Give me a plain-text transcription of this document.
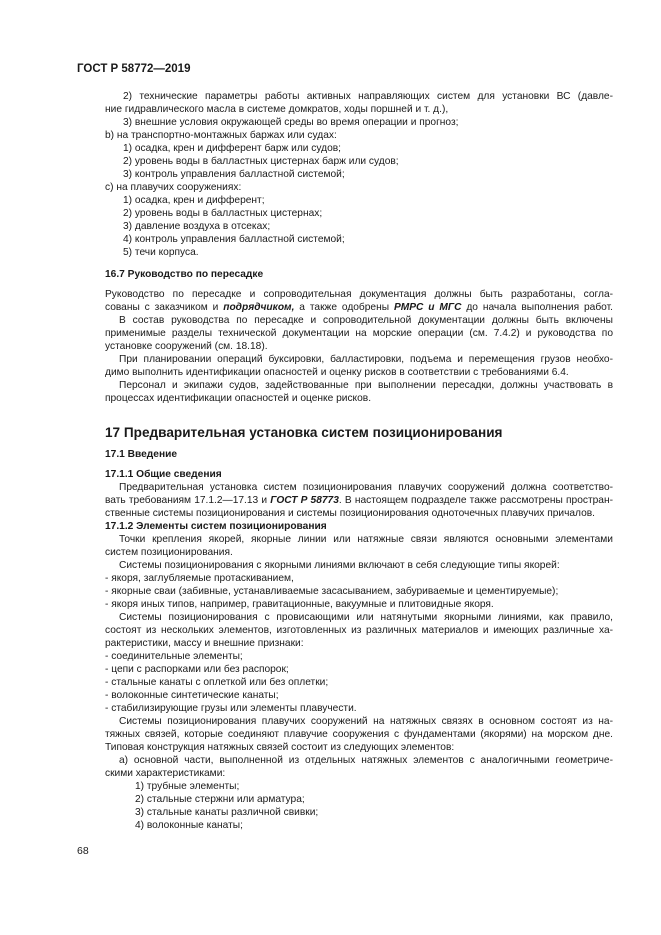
ГОСТ Р 58772—2019
2) технические параметры работы активных направляющих систем для установки ВС (давле-
ние гидравлического масла в системе домкратов, ходы поршней и т. д.),
3) внешние условия окружающей среды во время операции и прогноз;
b) на транспортно-монтажных баржах или судах:
1) осадка, крен и дифферент барж или судов;
2) уровень воды в балластных цистернах барж или судов;
3) контроль управления балластной системой;
c) на плавучих сооружениях:
1) осадка, крен и дифферент;
2) уровень воды в балластных цистернах;
3) давление воздуха в отсеках;
4) контроль управления балластной системой;
5) течи корпуса.
16.7 Руководство по пересадке
Руководство по пересадке и сопроводительная документация должны быть разработаны, согла-
сованы с заказчиком и подрядчиком, а также одобрены РМРС и МГС до начала выполнения работ.
В состав руководства по пересадке и сопроводительной документации должны быть включены
применимые разделы технической документации на морские операции (см. 7.4.2) и руководства по
установке сооружений (см. 18.18).
При планировании операций буксировки, балластировки, подъема и перемещения грузов необхо-
димо выполнить идентификации опасностей и оценку рисков в соответствии с требованиями 6.4.
Персонал и экипажи судов, задействованные при выполнении пересадки, должны участвовать в
процессах идентификации опасностей и оценке рисков.
17 Предварительная установка систем позиционирования
17.1 Введение
17.1.1 Общие сведения
Предварительная установка систем позиционирования плавучих сооружений должна соответство-
вать требованиям 17.1.2—17.13 и ГОСТ Р 58773. В настоящем подразделе также рассмотрены простран-
ственные системы позиционирования и системы позиционирования одноточечных плавучих причалов.
17.1.2 Элементы систем позиционирования
Точки крепления якорей, якорные линии или натяжные связи являются основными элементами
систем позиционирования.
Системы позиционирования с якорными линиями включают в себя следующие типы якорей:
- якоря, заглубляемые протаскиванием,
- якорные сваи (забивные, устанавливаемые засасыванием, забуриваемые и цементируемые);
- якоря иных типов, например, гравитационные, вакуумные и плитовидные якоря.
Системы позиционирования с провисающими или натянутыми якорными линиями, как правило,
состоят из нескольких элементов, изготовленных из различных материалов и имеющих различные ха-
рактеристики, массу и внешние признаки:
- соединительные элементы;
- цепи с распорками или без распорок;
- стальные канаты с оплеткой или без оплетки;
- волоконные синтетические канаты;
- стабилизирующие грузы или элементы плавучести.
Системы позиционирования плавучих сооружений на натяжных связях в основном состоят из на-
тяжных связей, которые соединяют плавучие сооружения с фундаментами (якорями) на морском дне.
Типовая конструкция натяжных связей состоит из следующих элементов:
а) основной части, выполненной из отдельных натяжных элементов с аналогичными геометриче-
скими характеристиками:
1) трубные элементы;
2) стальные стержни или арматура;
3) стальные канаты различной свивки;
4) волоконные канаты;
68
